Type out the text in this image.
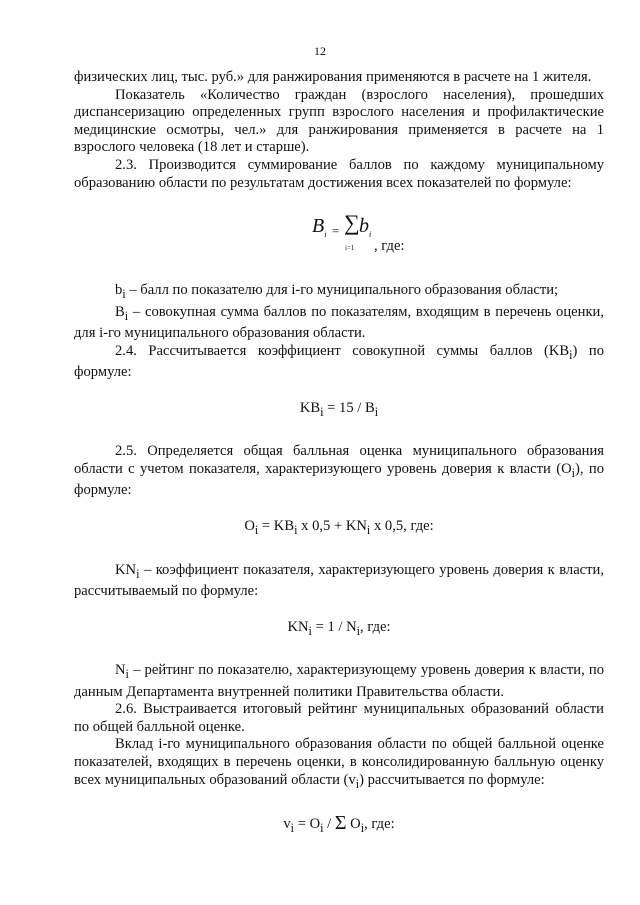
12

физических лиц, тыс. руб.» для ранжирования применяются в расчете на 1 жителя.

Показатель «Количество граждан (взрослого населения), прошедших диспансеризацию определенных групп взрослого населения и профилактические медицинские осмотры, чел.» для ранжирования применяется в расчете на 1 взрослого человека (18 лет и старше).

2.3. Производится суммирование баллов по каждому муниципальному образованию области по результатам достижения всех показателей по формуле:

$B_i$ = ∑ $b_i$
i=1 , где:

$b_i$ – балл по показателю для i-го муниципального образования области;

$B_i$ – совокупная сумма баллов по показателям, входящим в перечень оценки, для i-го муниципального образования области.

2.4. Рассчитывается коэффициент совокупной суммы баллов $(KB_i)$ по формуле:

$KB_i = 15 / B_i$

2.5. Определяется общая балльная оценка муниципального образования области с учетом показателя, характеризующего уровень доверия к власти $(O_i)$, по формуле:

$O_i = KB_i$ x $0,5 + KN_i$ x 0,5, где:

$KN_i$ – коэффициент показателя, характеризующего уровень доверия к власти, рассчитываемый по формуле:

$KN_i = 1 / N_i$, где:

$N_i$ – рейтинг по показателю, характеризующему уровень доверия к власти, по данным Департамента внутренней политики Правительства области.

2.6. Выстраивается итоговый рейтинг муниципальных образований области по общей балльной оценке.

Вклад i-го муниципального образования области по общей балльной оценке показателей, входящих в перечень оценки, в консолидированную балльную оценку всех муниципальных образований области $(v_i)$ рассчитывается по формуле:

$v_i = O_i / \Sigma$ $O_i$, где:
